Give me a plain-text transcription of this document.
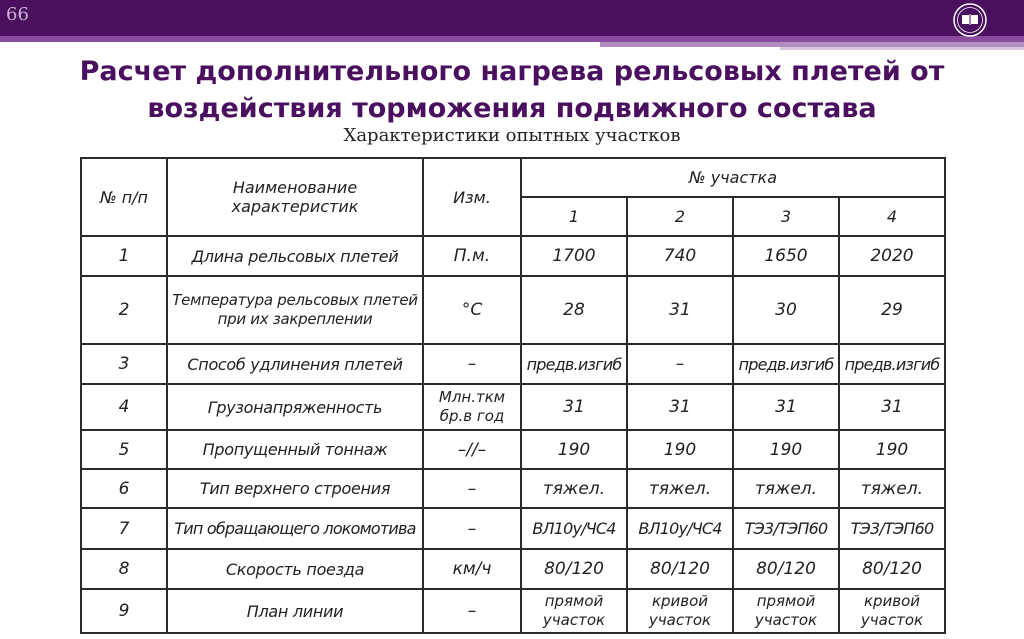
66
Расчет дополнительного нагрева рельсовых плетей от
воздействия торможения подвижного состава
Характеристики опытных участков
№ п/п	Наименование характеристик	Изм.	№ участка			
			1	2	3	4
1	Длина рельсовых плетей	П.м.	1700	740	1650	2020
2	Температура рельсовых плетей при их закреплении	°С	28	31	30	29
3	Способ удлинения плетей	–	предв.изгиб	–	предв.изгиб	предв.изгиб
4	Грузонапряженность	Млн.ткм бр.в год	31	31	31	31
5	Пропущенный тоннаж	–//–	190	190	190	190
6	Тип верхнего строения	–	тяжел.	тяжел.	тяжел.	тяжел.
7	Тип обращающего локомотива	–	ВЛ10у/ЧС4	ВЛ10у/ЧС4	ТЭ3/ТЭП60	ТЭ3/ТЭП60
8	Скорость поезда	км/ч	80/120	80/120	80/120	80/120
9	План линии	–	прямой участок	кривой участок	прямой участок	кривой участок
